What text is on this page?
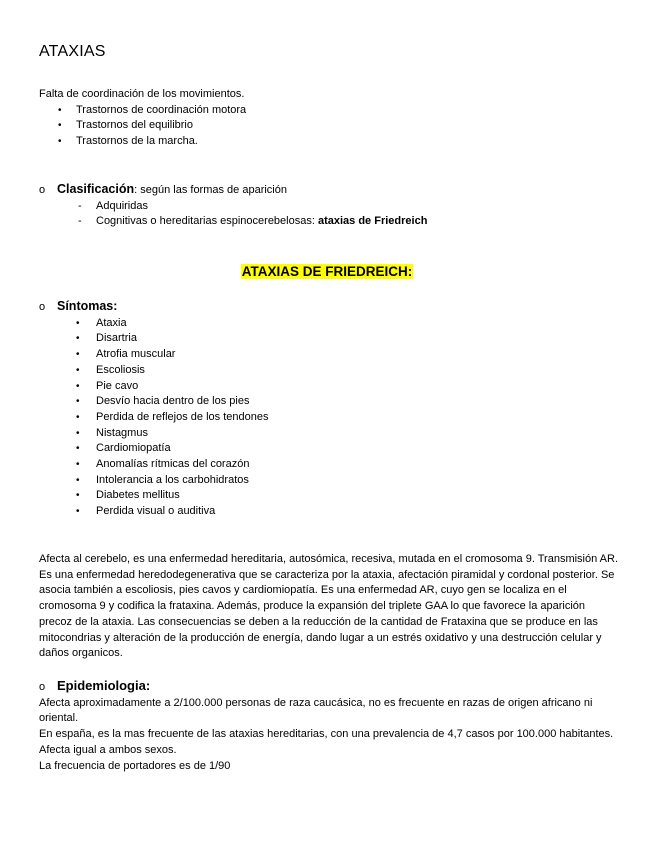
ATAXIAS

Falta de coordinación de los movimientos.

• Trastornos de coordinación motora
• Trastornos del equilibrio
• Trastornos de la marcha.
o Clasificación : según las formas de aparición
- Adquiridas
- Cognitivas o hereditarias espinocerebelosas: ataxias de Friedreich
ATAXIAS DE FRIEDREICH:
o Síntomas:
• Ataxia
• Disartria
• Atrofia muscular
• Escoliosis
• Pie cavo
• Desvío hacia dentro de los pies
• Perdida de reflejos de los tendones
• Nistagmus
• Cardiomiopatía
• Anomalías rítmicas del corazón
• Intolerancia a los carbohidratos
• Diabetes mellitus
• Perdida visual o auditiva

Afecta al cerebelo, es una enfermedad hereditaria, autosómica, recesiva, mutada en el cromosoma 9. Transmisión AR. Es una enfermedad heredodegenerativa que se caracteriza por la ataxia, afectación piramidal y cordonal posterior. Se asocia también a escoliosis, pies cavos y cardiomiopatía. Es una enfermedad AR, cuyo gen se localiza en el cromosoma 9 y codifica la frataxina. Además, produce la expansión del triplete GAA lo que favorece la aparición precoz de la ataxia. Las consecuencias se deben a la reducción de la cantidad de Frataxina que se produce en las mitocondrias y alteración de la producción de energía, dando lugar a un estrés oxidativo y una destrucción celular y daños organicos.

o Epidemiologia:

Afecta aproximadamente a 2/100.000 personas de raza caucásica, no es frecuente en razas de origen africano ni oriental.

En españa, es la mas frecuente de las ataxias hereditarias, con una prevalencia de 4,7 casos por 100.000 habitantes.

Afecta igual a ambos sexos.

La frecuencia de portadores es de 1/90
